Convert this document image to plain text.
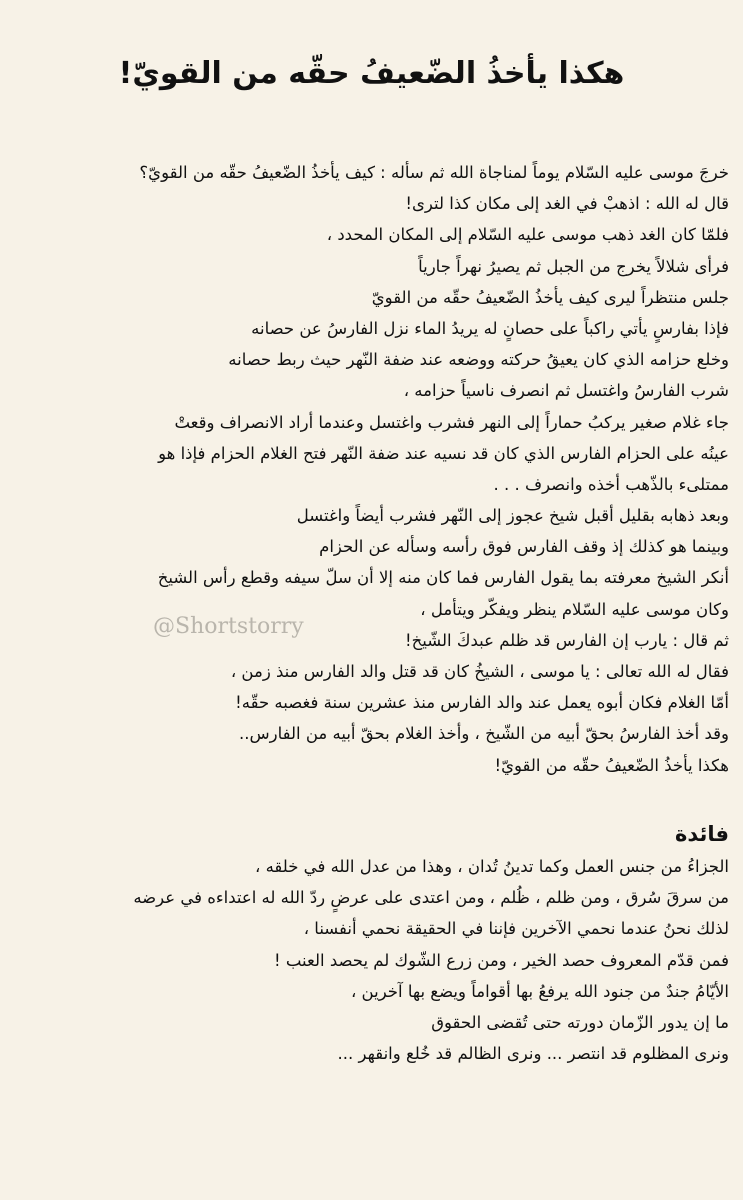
هكذا يأخذُ الضّعيفُ حقّه من القويّ!
خرجَ موسى عليه السّلام يوماً لمناجاة الله ثم سأله : كيف يأخذُ الضّعيفُ حقّه من القويّ؟
قال له الله : اذهبْ في الغد إلى مكان كذا لترى!
فلمّا كان الغد ذهب موسى عليه السّلام إلى المكان المحدد ،
فرأى شلالاً يخرج من الجبل ثم يصيرُ نهراً جارياً
جلس منتظراً ليرى كيف يأخذُ الضّعيفُ حقّه من القويّ
فإذا بفارسٍ يأتي راكباً على حصانٍ له يريدُ الماء نزل الفارسُ عن حصانه
وخلع حزامه الذي كان يعيقُ حركته ووضعه عند ضفة النّهر حيث ربط حصانه
شرب الفارسُ واغتسل ثم انصرف ناسياً حزامه ،
جاء غلام صغير يركبُ حماراً إلى النهر فشرب واغتسل وعندما أراد الانصراف وقعتْ
عينُه على الحزام الفارس الذي كان قد نسيه عند ضفة النّهر فتح الغلام الحزام فإذا هو
ممتلىء بالذّهب أخذه وانصرف . . .
وبعد ذهابه بقليل أقبل شيخ عجوز إلى النّهر فشرب أيضاً واغتسل
وبينما هو كذلك إذ وقف الفارس فوق رأسه وسأله عن الحزام
أنكر الشيخ معرفته بما يقول الفارس فما كان منه إلا أن سلّ سيفه وقطع رأس الشيخ
وكان موسى عليه السّلام ينظر ويفكّر ويتأمل ،
ثم قال : يارب إن الفارس قد ظلم عبدكَ الشّيخ!
فقال له الله تعالى : يا موسى ، الشيخُ كان قد قتل والد الفارس منذ زمن ،
أمّا الغلام فكان أبوه يعمل عند والد الفارس منذ عشرين سنة فغصبه حقّه!
وقد أخذ الفارسُ بحقّ أبيه من الشّيخ ، وأخذ الغلام بحقّ أبيه من الفارس..
هكذا يأخذُ الضّعيفُ حقّه من القويّ!
@Shortstorry
فائدة
الجزاءُ من جنس العمل وكما تدينُ تُدان ، وهذا من عدل الله في خلقه ،
من سرقَ سُرق ، ومن ظلم ، ظُلم ، ومن اعتدى على عرضٍ ردّ الله له اعتداءه في عرضه
لذلك نحنُ عندما نحمي الآخرين فإننا في الحقيقة نحمي أنفسنا ،
فمن قدّم المعروف حصد الخير ، ومن زرع الشّوك لم يحصد العنب !
الأيّامُ جندٌ من جنود الله يرفعُ بها أقواماً ويضع بها آخرين ،
ما إن يدور الزّمان دورته حتى تُقضى الحقوق
ونرى المظلوم قد انتصر ... ونرى الظالم قد خُلع وانقهر ...
